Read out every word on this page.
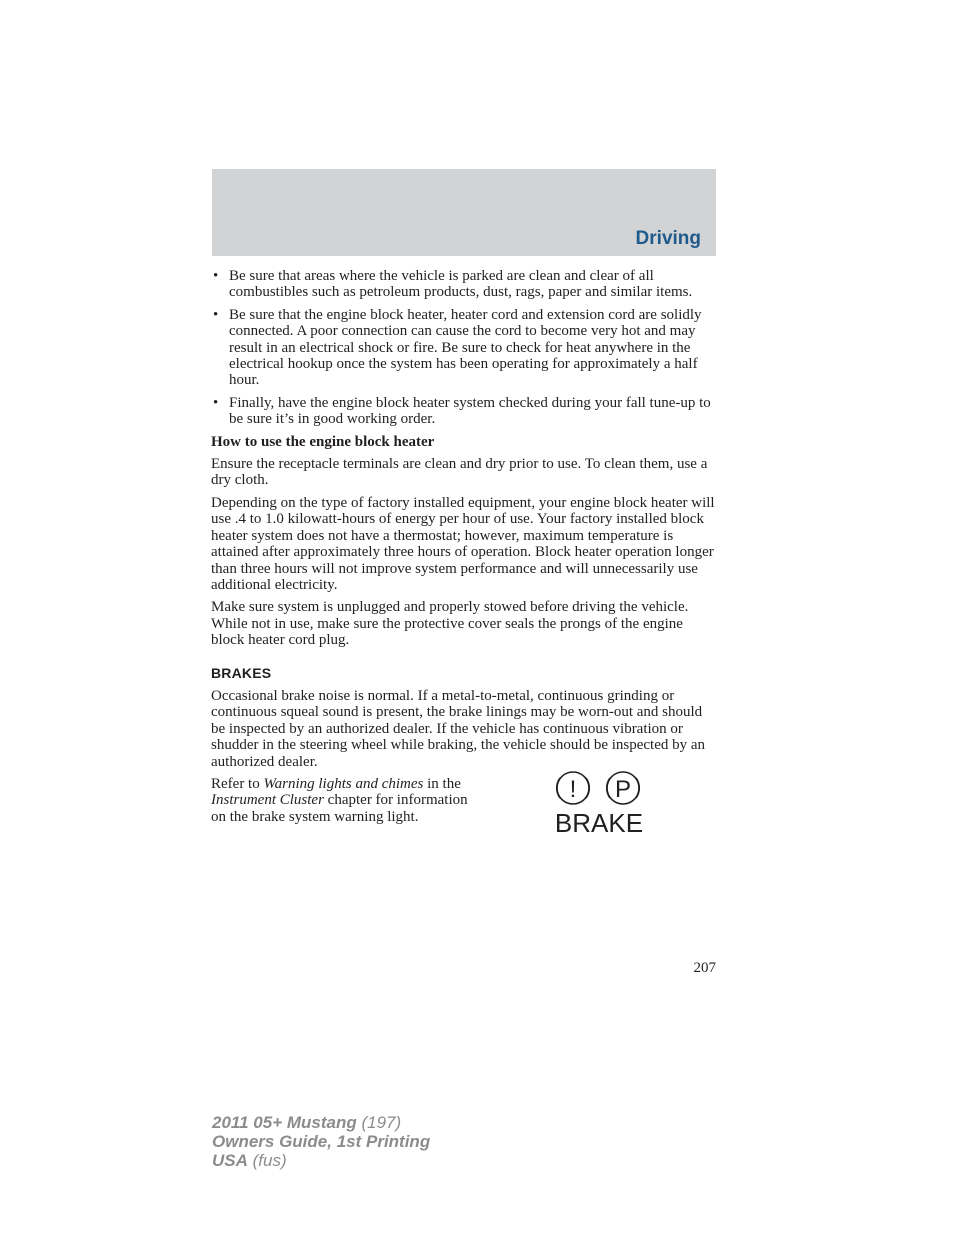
Driving
• Be sure that areas where the vehicle is parked are clean and clear of all combustibles such as petroleum products, dust, rags, paper and similar items.
• Be sure that the engine block heater, heater cord and extension cord are solidly connected. A poor connection can cause the cord to become very hot and may result in an electrical shock or fire. Be sure to check for heat anywhere in the electrical hookup once the system has been operating for approximately a half hour.
• Finally, have the engine block heater system checked during your fall tune-up to be sure it’s in good working order.
How to use the engine block heater

Ensure the receptacle terminals are clean and dry prior to use. To clean them, use a dry cloth.

Depending on the type of factory installed equipment, your engine block heater will use .4 to 1.0 kilowatt-hours of energy per hour of use. Your factory installed block heater system does not have a thermostat; however, maximum temperature is attained after approximately three hours of operation. Block heater operation longer than three hours will not improve system performance and will unnecessarily use additional electricity.

Make sure system is unplugged and properly stowed before driving the vehicle. While not in use, make sure the protective cover seals the prongs of the engine block heater cord plug.

BRAKES

Occasional brake noise is normal. If a metal-to-metal, continuous grinding or continuous squeal sound is present, the brake linings may be worn-out and should be inspected by an authorized dealer. If the vehicle has continuous vibration or shudder in the steering wheel while braking, the vehicle should be inspected by an authorized dealer.

Refer to Warning lights and chimes in the Instrument Cluster chapter for information on the brake system warning light.

! P
BRAKE
207
2011 05+ Mustang (197)
Owners Guide, 1st Printing
USA (fus)
